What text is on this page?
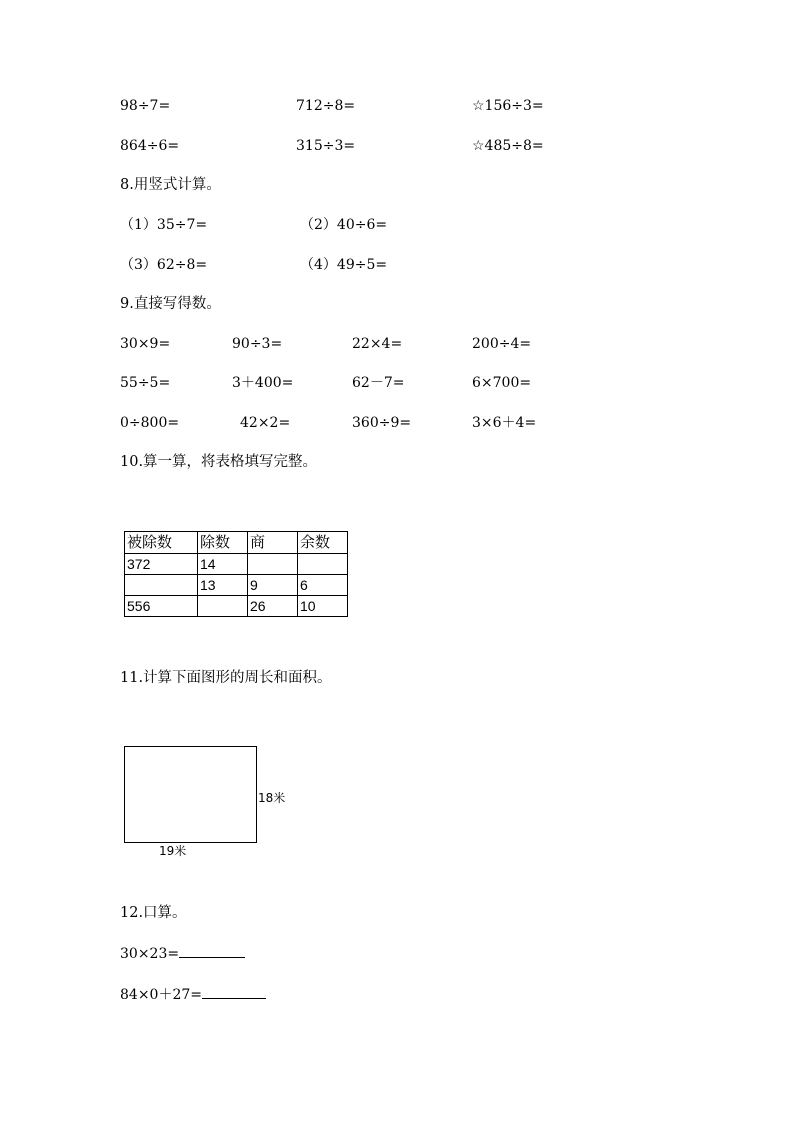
98÷7=	712÷8=	☆156÷3=
864÷6=	315÷3=	☆485÷8=
8.用竖式计算。
（1）35÷7=	（2）40÷6=
（3）62÷8=	（4）49÷5=
9.直接写得数。
30×9=	90÷3=	22×4=	200÷4=
55÷5=	3＋400=	62－7=	6×700=
0÷800=	42×2=	360÷9=	3×6＋4=
10.算一算，将表格填写完整。
被除数	除数	商	余数
372	14		
	13	9	6
556		26	10
11.计算下面图形的周长和面积。
18米
19米
12.口算。
30×23=
84×0＋27=
